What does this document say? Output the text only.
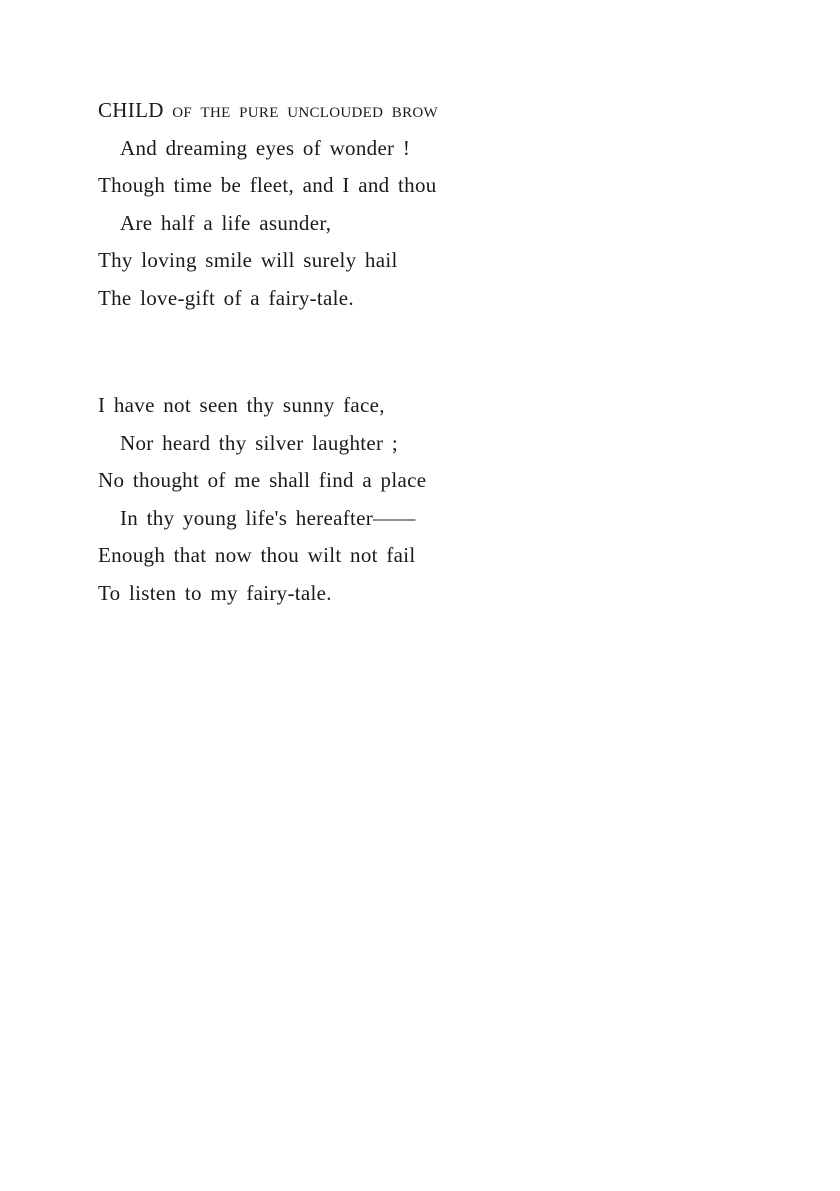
CHILD of the pure unclouded brow
And dreaming eyes of wonder !
Though time be fleet, and I and thou
Are half a life asunder,
Thy loving smile will surely hail
The love-gift of a fairy-tale.
I have not seen thy sunny face,
Nor heard thy silver laughter ;
No thought of me shall find a place
In thy young life's hereafter——
Enough that now thou wilt not fail
To listen to my fairy-tale.
